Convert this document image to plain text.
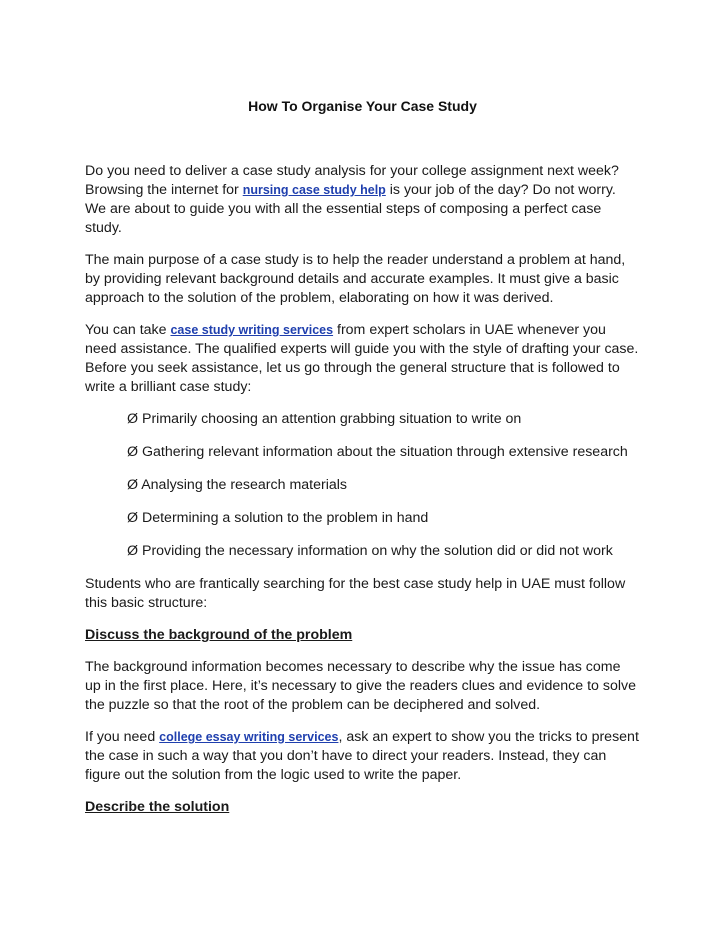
How To Organise Your Case Study

Do you need to deliver a case study analysis for your college assignment next week? Browsing the internet for nursing case study help is your job of the day? Do not worry. We are about to guide you with all the essential steps of composing a perfect case study.

The main purpose of a case study is to help the reader understand a problem at hand, by providing relevant background details and accurate examples. It must give a basic approach to the solution of the problem, elaborating on how it was derived.

You can take case study writing services from expert scholars in UAE whenever you need assistance. The qualified experts will guide you with the style of drafting your case. Before you seek assistance, let us go through the general structure that is followed to write a brilliant case study:

Ø Primarily choosing an attention grabbing situation to write on

Ø Gathering relevant information about the situation through extensive research

Ø Analysing the research materials

Ø Determining a solution to the problem in hand

Ø Providing the necessary information on why the solution did or did not work

Students who are frantically searching for the best case study help in UAE must follow this basic structure:

Discuss the background of the problem

The background information becomes necessary to describe why the issue has come up in the first place. Here, it’s necessary to give the readers clues and evidence to solve the puzzle so that the root of the problem can be deciphered and solved.

If you need college essay writing services, ask an expert to show you the tricks to present the case in such a way that you don’t have to direct your readers. Instead, they can figure out the solution from the logic used to write the paper.

Describe the solution
